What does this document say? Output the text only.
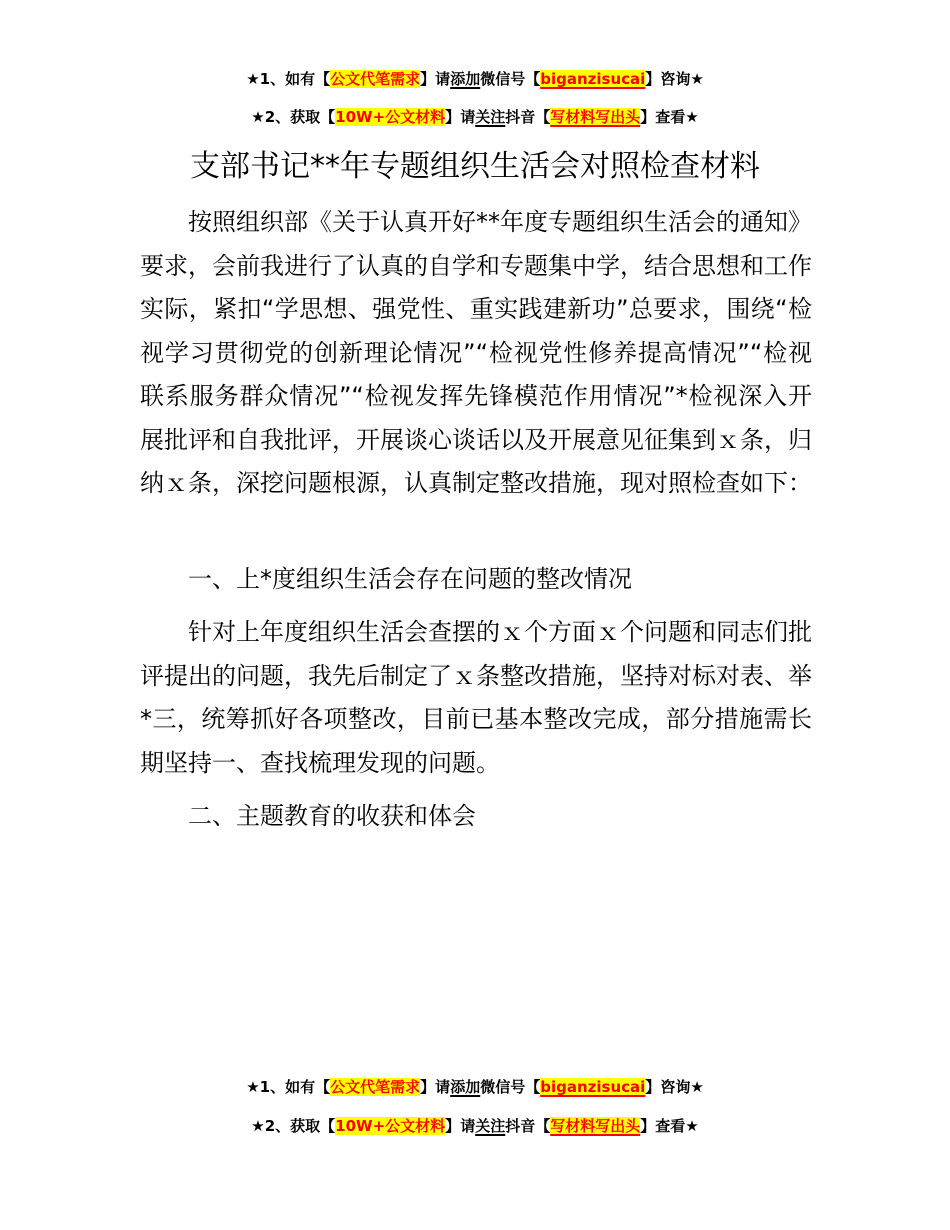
★1、如有【公文代笔需求】请添加微信号【biganzisucai】咨询★
★2、获取【10W+公文材料】请关注抖音【写材料写出头】查看★
支部书记**年专题组织生活会对照检查材料

按照组织部《关于认真开好**年度专题组织生活会的通知》要求，会前我进行了认真的自学和专题集中学，结合思想和工作实际，紧扣“学思想、强党性、重实践建新功”总要求，围绕“检视学习贯彻党的创新理论情况”“检视党性修养提高情况”“检视联系服务群众情况”“检视发挥先锋模范作用情况”*检视深入开展批评和自我批评，开展谈心谈话以及开展意见征集到ｘ条，归纳ｘ条，深挖问题根源，认真制定整改措施，现对照检查如下：

一、上*度组织生活会存在问题的整改情况

针对上年度组织生活会查摆的ｘ个方面ｘ个问题和同志们批评提出的问题，我先后制定了ｘ条整改措施，坚持对标对表、举*三，统筹抓好各项整改，目前已基本整改完成，部分措施需长期坚持一、查找梳理发现的问题。

二、主题教育的收获和体会

★1、如有【公文代笔需求】请添加微信号【biganzisucai】咨询★
★2、获取【10W+公文材料】请关注抖音【写材料写出头】查看★
